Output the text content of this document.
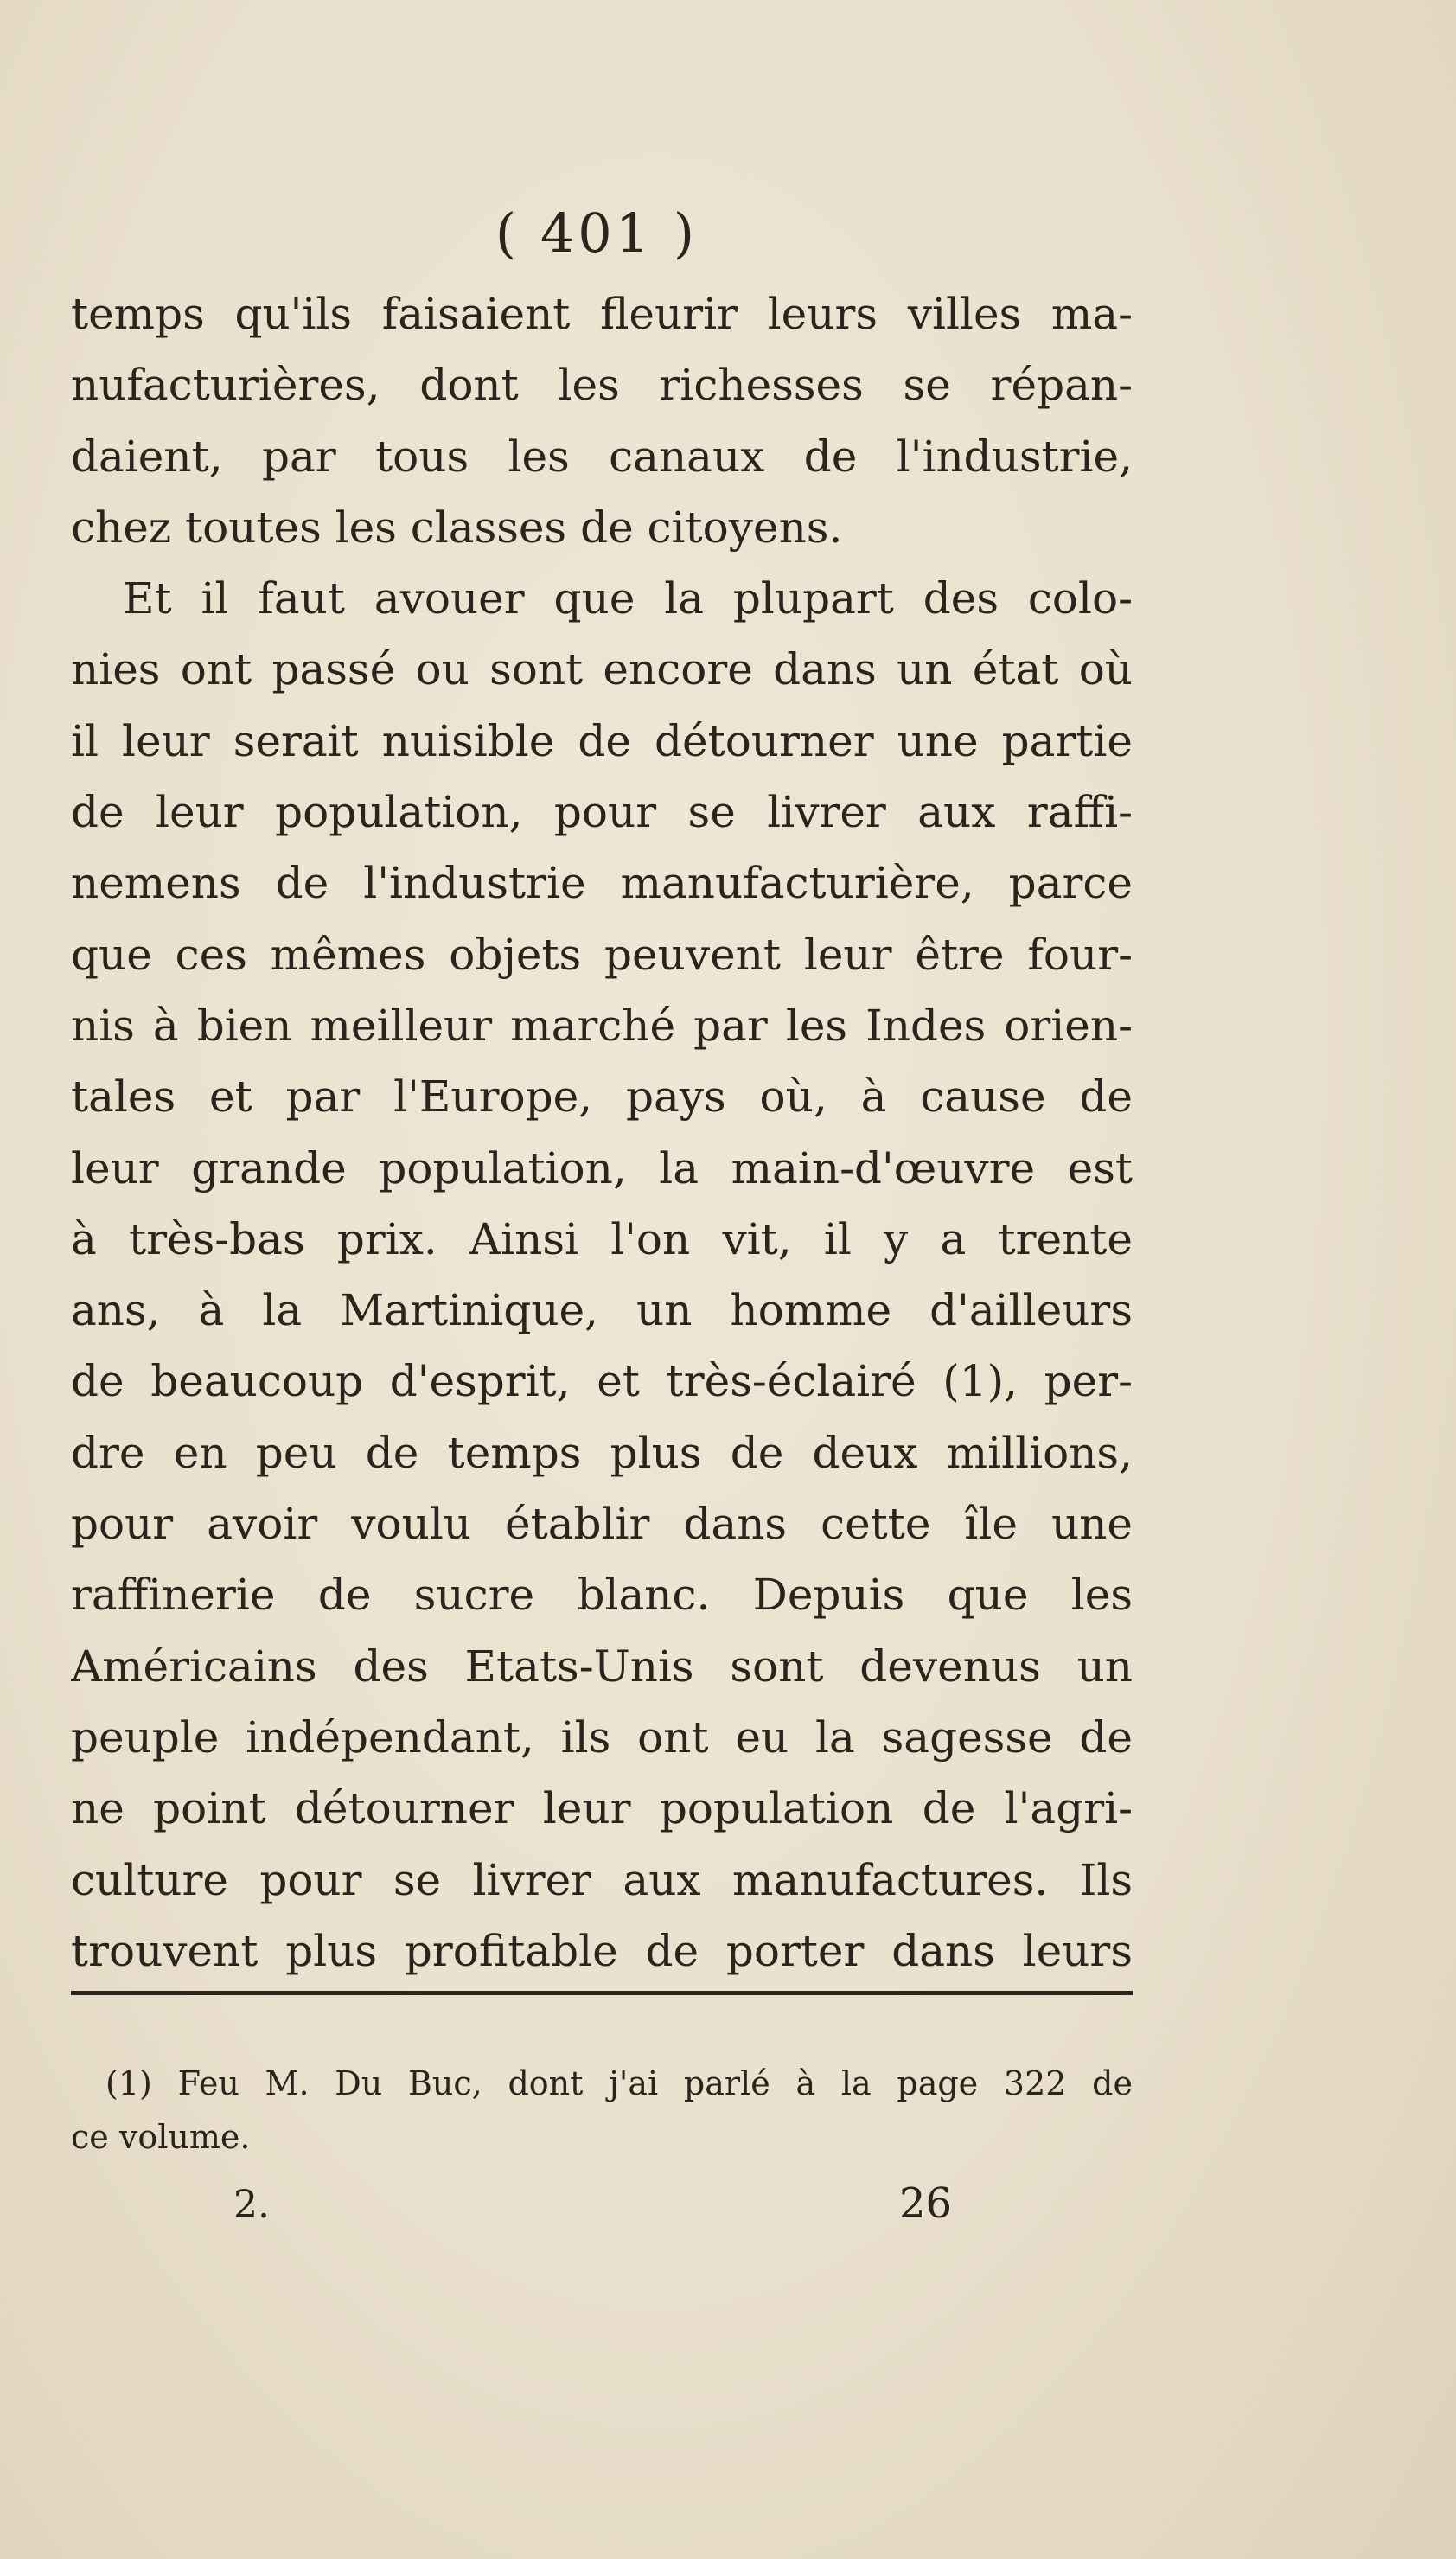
( 401 )
temps qu'ils faisaient fleurir leurs villes ma-
nufacturières, dont les richesses se répan-
daient, par tous les canaux de l'industrie,
chez toutes les classes de citoyens.
Et il faut avouer que la plupart des colo-
nies ont passé ou sont encore dans un état où
il leur serait nuisible de détourner une partie
de leur population, pour se livrer aux raffi-
nemens de l'industrie manufacturière, parce
que ces mêmes objets peuvent leur être four-
nis à bien meilleur marché par les Indes orien-
tales et par l'Europe, pays où, à cause de
leur grande population, la main-d'œuvre est
à très-bas prix. Ainsi l'on vit, il y a trente
ans, à la Martinique, un homme d'ailleurs
de beaucoup d'esprit, et très-éclairé (1), per-
dre en peu de temps plus de deux millions,
pour avoir voulu établir dans cette île une
raffinerie de sucre blanc. Depuis que les
Américains des Etats-Unis sont devenus un
peuple indépendant, ils ont eu la sagesse de
ne point détourner leur population de l'agri-
culture pour se livrer aux manufactures. Ils
trouvent plus profitable de porter dans leurs
(1) Feu M. Du Buc, dont j'ai parlé à la page 322 de
ce volume.
2.	26
